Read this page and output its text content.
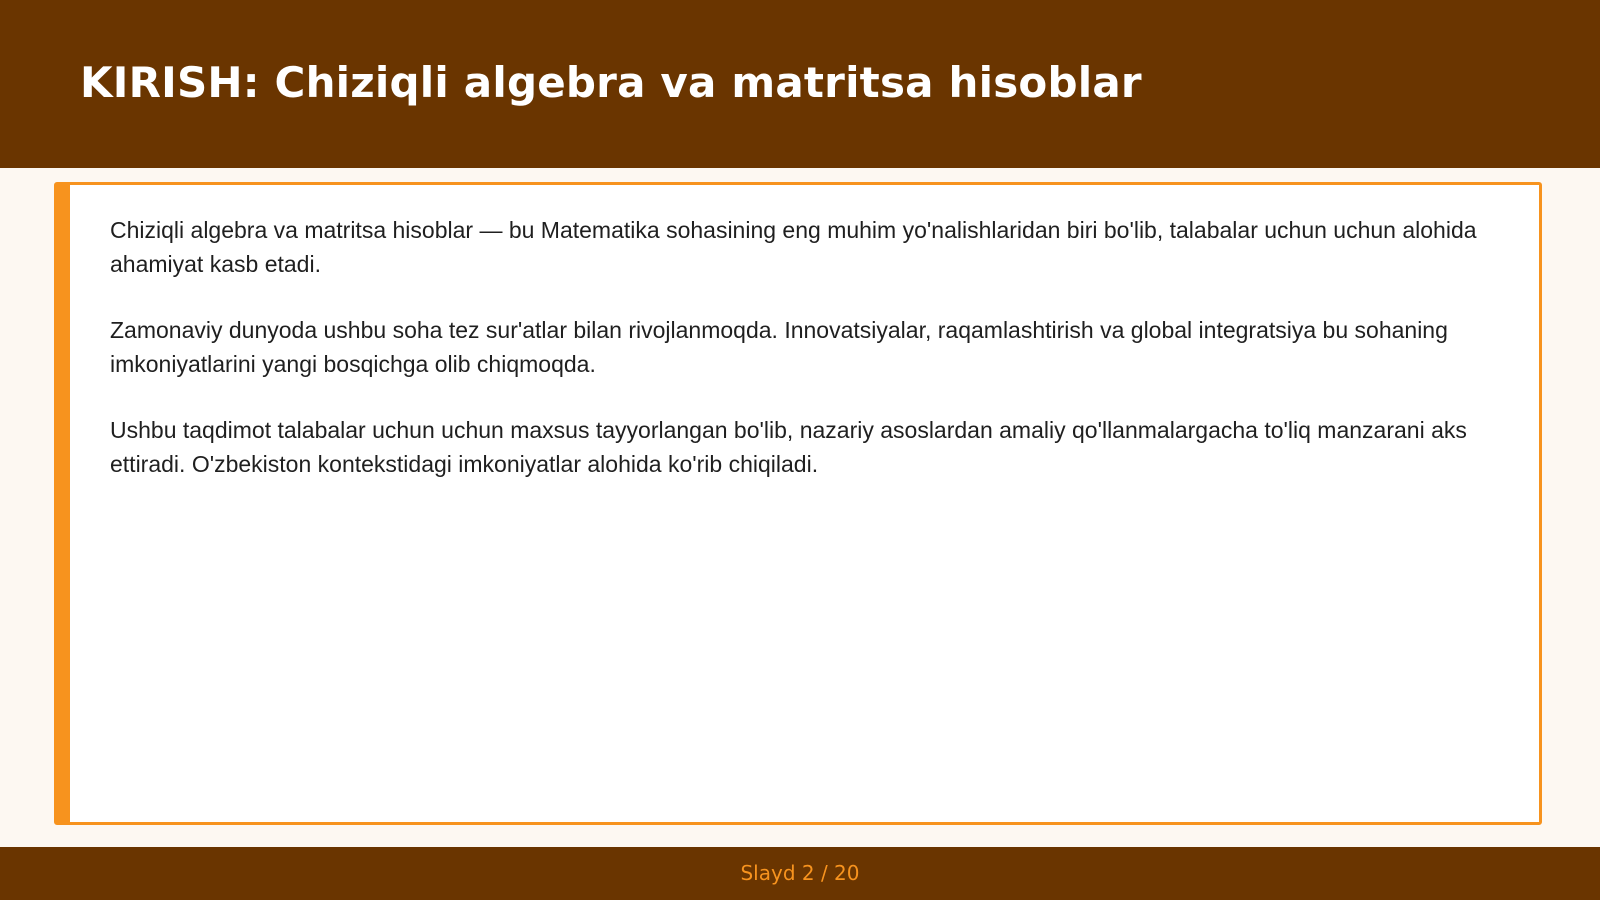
KIRISH: Chiziqli algebra va matritsa hisoblar

Chiziqli algebra va matritsa hisoblar — bu Matematika sohasining eng muhim yo'nalishlaridan biri bo'lib, talabalar uchun uchun alohida ahamiyat kasb etadi.

Zamonaviy dunyoda ushbu soha tez sur'atlar bilan rivojlanmoqda. Innovatsiyalar, raqamlashtirish va global integratsiya bu sohaning imkoniyatlarini yangi bosqichga olib chiqmoqda.

Ushbu taqdimot talabalar uchun uchun maxsus tayyorlangan bo'lib, nazariy asoslardan amaliy qo'llanmalargacha to'liq manzarani aks ettiradi. O'zbekiston kontekstidagi imkoniyatlar alohida ko'rib chiqiladi.

Slayd 2 / 20
